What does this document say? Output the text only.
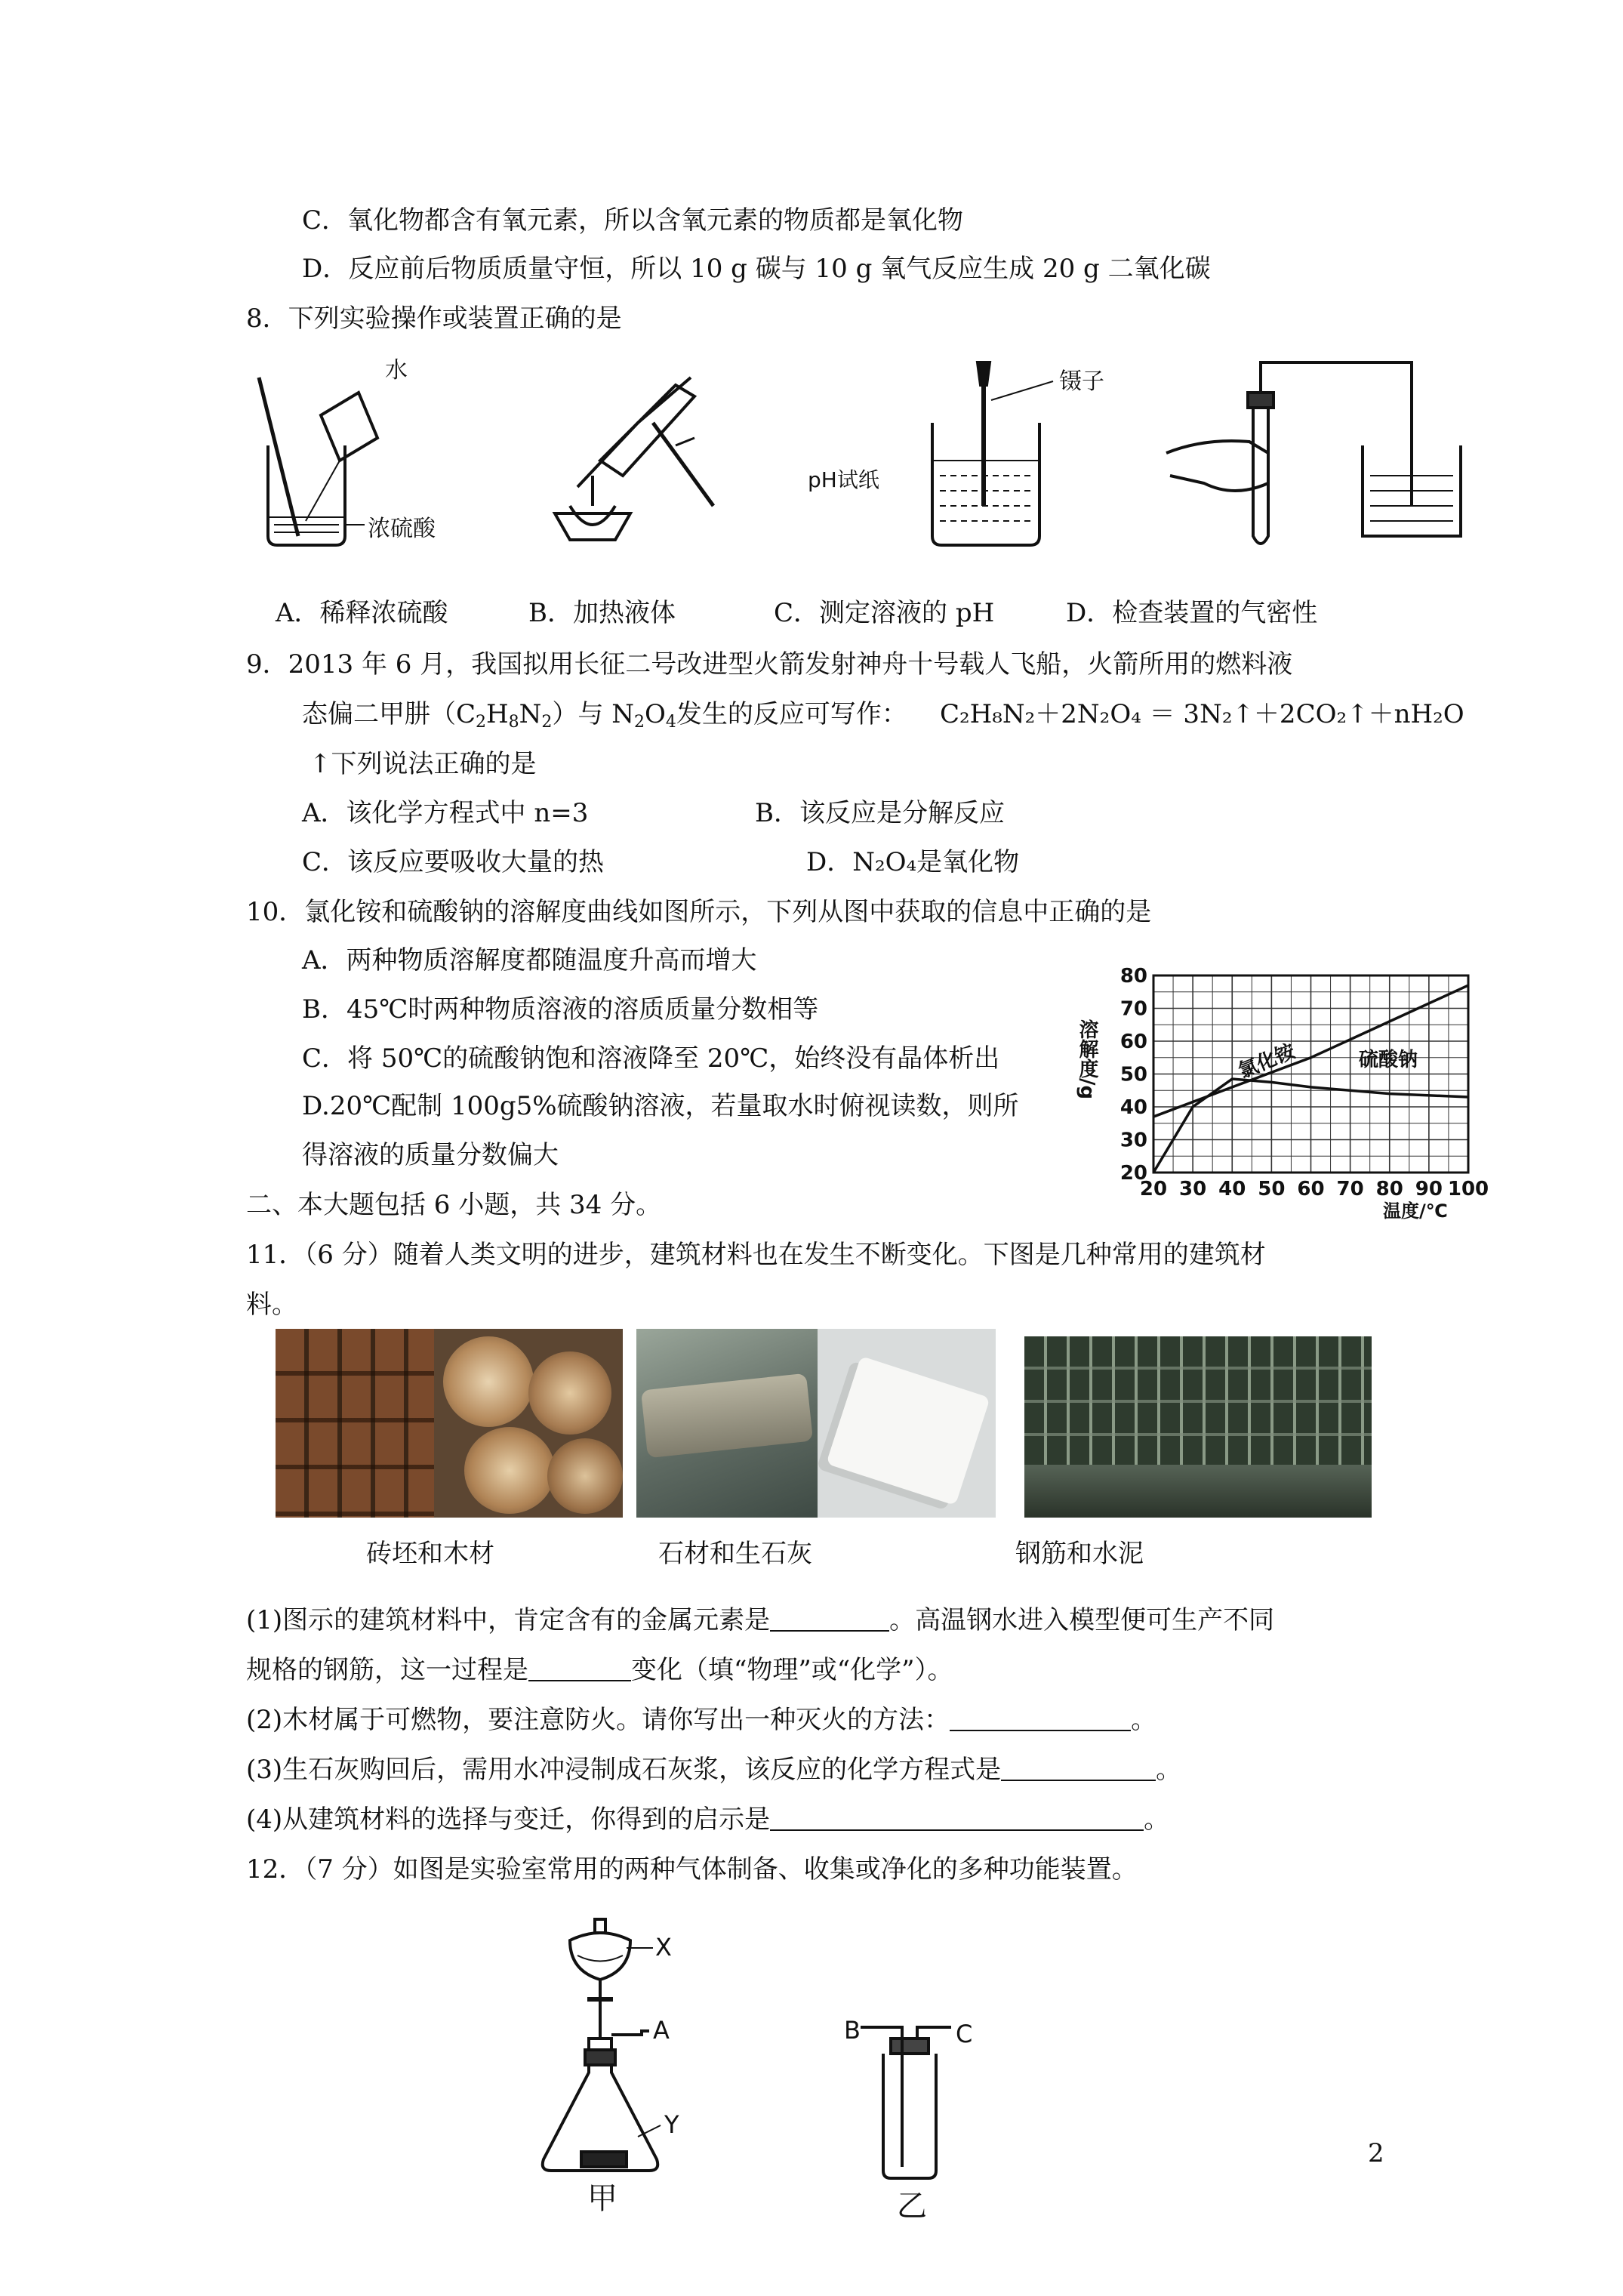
C．氧化物都含有氧元素，所以含氧元素的物质都是氧化物
D．反应前后物质质量守恒，所以 10 g 碳与 10 g 氧气反应生成 20 g 二氧化碳
8．下列实验操作或装置正确的是
水
浓硫酸
镊子
pH试纸
A．稀释浓硫酸	B．加热液体	C．测定溶液的 pH	D．检查装置的气密性
9．2013 年 6 月，我国拟用长征二号改进型火箭发射神舟十号载人飞船，火箭所用的燃料液
态偏二甲肼$(C_2H_8N_2)$与 $N_2O_4$发生的反应可写作： C₂H₈N₂＋2N₂O₄ ＝ 3N₂↑＋2CO₂↑＋nH₂O
↑下列说法正确的是
A．该化学方程式中 n=3	B．该反应是分解反应
C．该反应要吸收大量的热	D．N₂O₄是氧化物
10．氯化铵和硫酸钠的溶解度曲线如图所示，下列从图中获取的信息中正确的是
A．两种物质溶解度都随温度升高而增大
B．45℃时两种物质溶液的溶质质量分数相等
C．将 50℃的硫酸钠饱和溶液降至 20℃，始终没有晶体析出
D.20℃配制 100g5%硫酸钠溶液，若量取水时俯视读数，则所
得溶液的质量分数偏大
20 30 40 50 60 70 80 90 100
20
30
40
50
60
70
80
溶解度/g
温度/℃
氯化铵	硫酸钠
二、本大题包括 6 小题，共 34 分。
11．（6 分）随着人类文明的进步，建筑材料也在发生不断变化。下图是几种常用的建筑材
料。
砖坯和木材	石材和生石灰	钢筋和水泥
(1)图示的建筑材料中，肯定含有的金属元素是	。高温钢水进入模型便可生产不同
规格的钢筋，这一过程是	变化（填“物理”或“化学”）。
(2)木材属于可燃物，要注意防火。请你写出一种灭火的方法：	。
(3)生石灰购回后，需用水冲浸制成石灰浆，该反应的化学方程式是	。
(4)从建筑材料的选择与变迁，你得到的启示是	。
12．（7 分）如图是实验室常用的两种气体制备、收集或净化的多种功能装置。
X
A
Y
甲
B	C
乙
2
